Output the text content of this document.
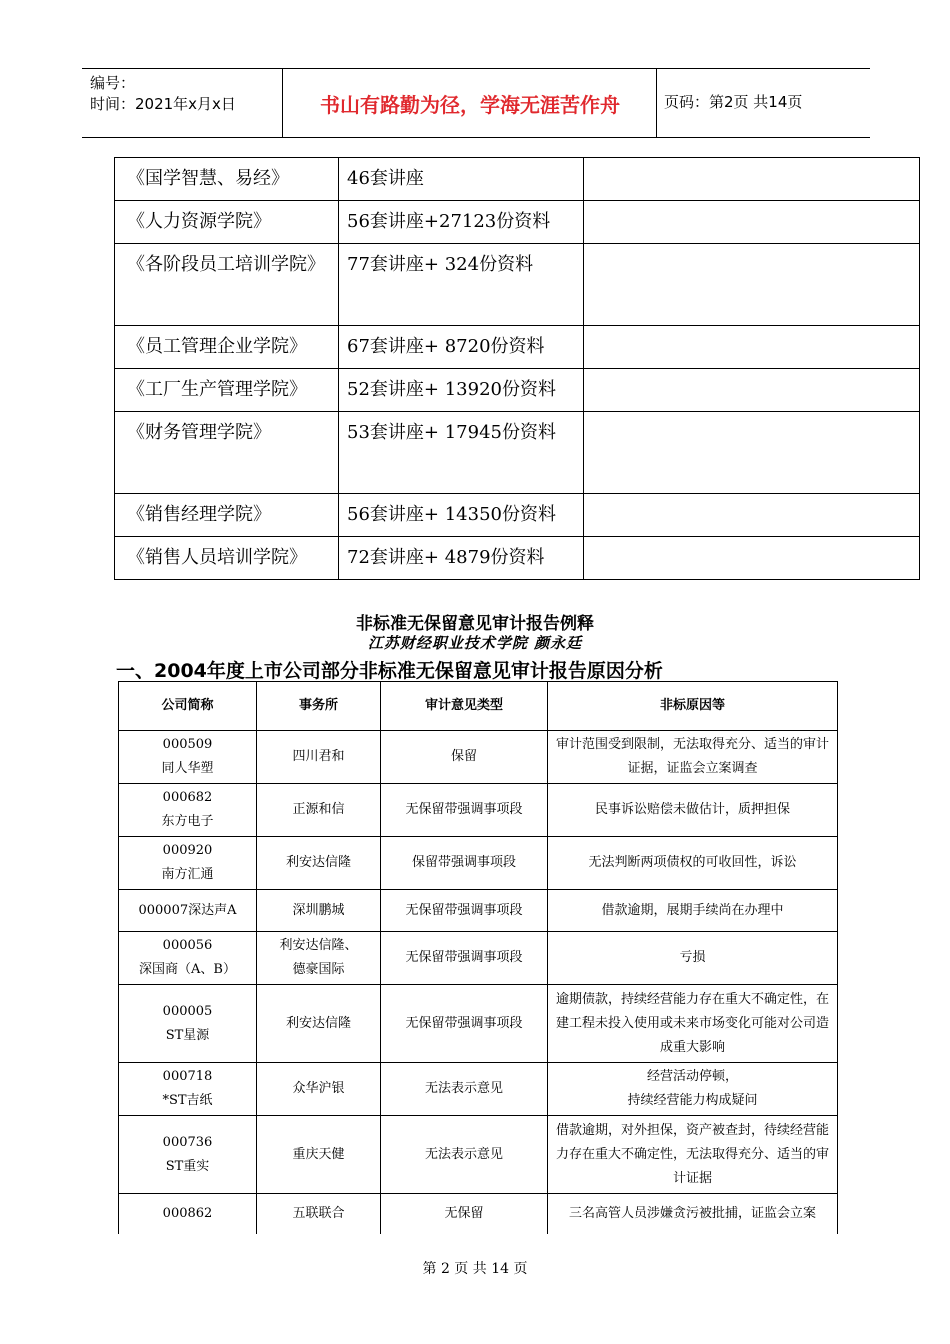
编号：
时间：2021年x月x日	书山有路勤为径，学海无涯苦作舟	页码：第2页 共14页
《国学智慧、易经》	46套讲座	
《人力资源学院》	56套讲座+27123份资料	
《各阶段员工培训学院》	77套讲座+ 324份资料	
《员工管理企业学院》	67套讲座+ 8720份资料	
《工厂生产管理学院》	52套讲座+ 13920份资料	
《财务管理学院》	53套讲座+ 17945份资料	
《销售经理学院》	56套讲座+ 14350份资料	
《销售人员培训学院》	72套讲座+ 4879份资料	
非标准无保留意见审计报告例释
江苏财经职业技术学院 颜永廷
一、2004年度上市公司部分非标准无保留意见审计报告原因分析
公司简称	事务所	审计意见类型	非标原因等
000509
同人华塑	四川君和	保留	审计范围受到限制，无法取得充分、适当的审计证据，证监会立案调查
000682
东方电子	正源和信	无保留带强调事项段	民事诉讼赔偿未做估计，质押担保
000920
南方汇通	利安达信隆	保留带强调事项段	无法判断两项债权的可收回性，诉讼
000007深达声A	深圳鹏城	无保留带强调事项段	借款逾期，展期手续尚在办理中
000056
深国商（A、B）	利安达信隆、
德豪国际	无保留带强调事项段	亏损
000005
ST星源	利安达信隆	无保留带强调事项段	逾期债款，持续经营能力存在重大不确定性，在建工程未投入使用或未来市场变化可能对公司造成重大影响
000718
*ST吉纸	众华沪银	无法表示意见	经营活动停顿，
持续经营能力构成疑问
000736
ST重实	重庆天健	无法表示意见	借款逾期，对外担保，资产被查封，待续经营能力存在重大不确定性，无法取得充分、适当的审计证据
000862	五联联合	无保留	三名高管人员涉嫌贪污被批捕，证监会立案
第 2 页 共 14 页
